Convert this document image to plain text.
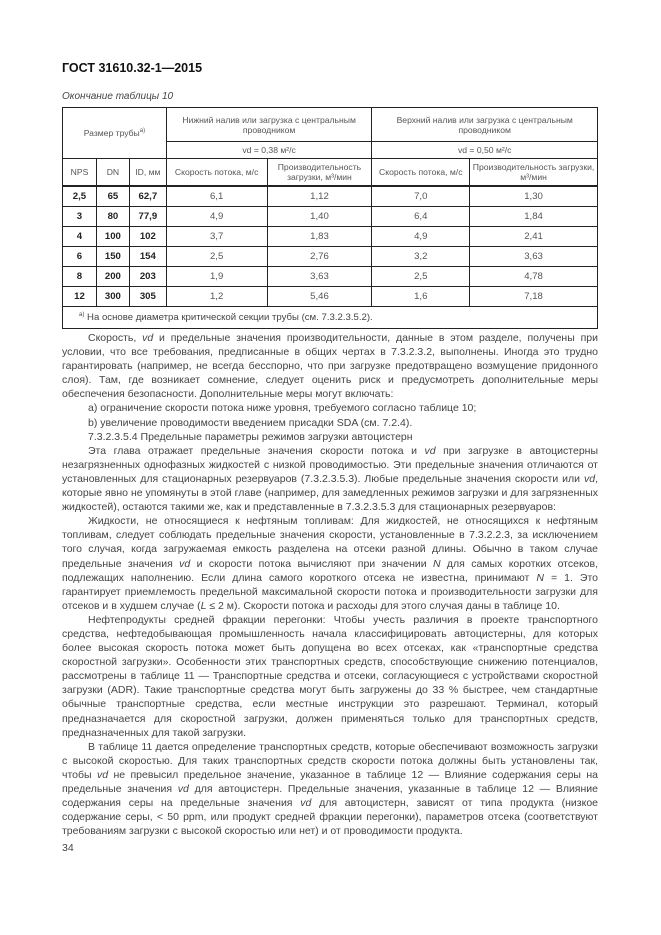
ГОСТ 31610.32-1—2015
Окончание таблицы 10
Размер трубы$^{а)}$			Нижний налив или загрузка с центральным проводником		Верхний налив или загрузка с центральным проводником	
			vd = 0,38 м²/с		vd = 0,50 м²/с	
NPS	DN	ID, мм	Скорость потока, м/с	Производительность загрузки, м³/мин	Скорость потока, м/с	Производительность загрузки, м³/мин
2,5	65	62,7	6,1	1,12	7,0	1,30
3	80	77,9	4,9	1,40	6,4	1,84
4	100	102	3,7	1,83	4,9	2,41
6	150	154	2,5	2,76	3,2	3,63
8	200	203	1,9	3,63	2,5	4,78
12	300	305	1,2	5,46	1,6	7,18
$^{а)}$ На основе диаметра критической секции трубы (см. 7.3.2.3.5.2).						

Скорость, vd и предельные значения производительности, данные в этом разделе, получены при условии, что все требования, предписанные в общих чертах в 7.3.2.3.2, выполнены. Иногда это трудно гарантировать (например, не всегда бесспорно, что при загрузке предотвращено возмущение придонного слоя). Там, где возникает сомнение, следует оценить риск и предусмотреть дополнительные меры обеспечения безопасности. Дополнительные меры могут включать:

a) ограничение скорости потока ниже уровня, требуемого согласно таблице 10;

b) увеличение проводимости введением присадки SDA (см. 7.2.4).

7.3.2.3.5.4 Предельные параметры режимов загрузки автоцистерн

Эта глава отражает предельные значения скорости потока и vd при загрузке в автоцистерны незагрязненных однофазных жидкостей с низкой проводимостью. Эти предельные значения отличаются от установленных для стационарных резервуаров (7.3.2.3.5.3). Любые предельные значения скорости или vd, которые явно не упомянуты в этой главе (например, для замедленных режимов загрузки и для загрязненных жидкостей), остаются такими же, как и представленные в 7.3.2.3.5.3 для стационарных резервуаров:

Жидкости, не относящиеся к нефтяным топливам: Для жидкостей, не относящихся к нефтяным топливам, следует соблюдать предельные значения скорости, установленные в 7.3.2.2.3, за исключением того случая, когда загружаемая емкость разделена на отсеки разной длины. Обычно в таком случае предельные значения vd и скорости потока вычисляют при значении N для самых коротких отсеков, подлежащих наполнению. Если длина самого короткого отсека не известна, принимают N = 1. Это гарантирует приемлемость предельной максимальной скорости потока и производительности загрузки для отсеков и в худшем случае (L ≤ 2 м). Скорости потока и расходы для этого случая даны в таблице 10.

Нефтепродукты средней фракции перегонки: Чтобы учесть различия в проекте транспортного средства, нефтедобывающая промышленность начала классифицировать автоцистерны, для которых более высокая скорость потока может быть допущена во всех отсеках, как «транспортные средства скоростной загрузки». Особенности этих транспортных средств, способствующие снижению потенциалов, рассмотрены в таблице 11 — Транспортные средства и отсеки, согласующиеся с устройствами скоростной загрузки (ADR). Такие транспортные средства могут быть загружены до 33 % быстрее, чем стандартные обычные транспортные средства, если местные инструкции это разрешают. Терминал, который предназначается для скоростной загрузки, должен применяться только для транспортных средств, предназначенных для такой загрузки.

В таблице 11 дается определение транспортных средств, которые обеспечивают возможность загрузки с высокой скоростью. Для таких транспортных средств скорости потока должны быть установлены так, чтобы vd не превысил предельное значение, указанное в таблице 12 — Влияние содержания серы на предельные значения vd для автоцистерн. Предельные значения, указанные в таблице 12 — Влияние содержания серы на предельные значения vd для автоцистерн, зависят от типа продукта (низкое содержание серы, < 50 ppm, или продукт средней фракции перегонки), параметров отсека (соответствуют требованиям загрузки с высокой скоростью или нет) и от проводимости продукта.

34
